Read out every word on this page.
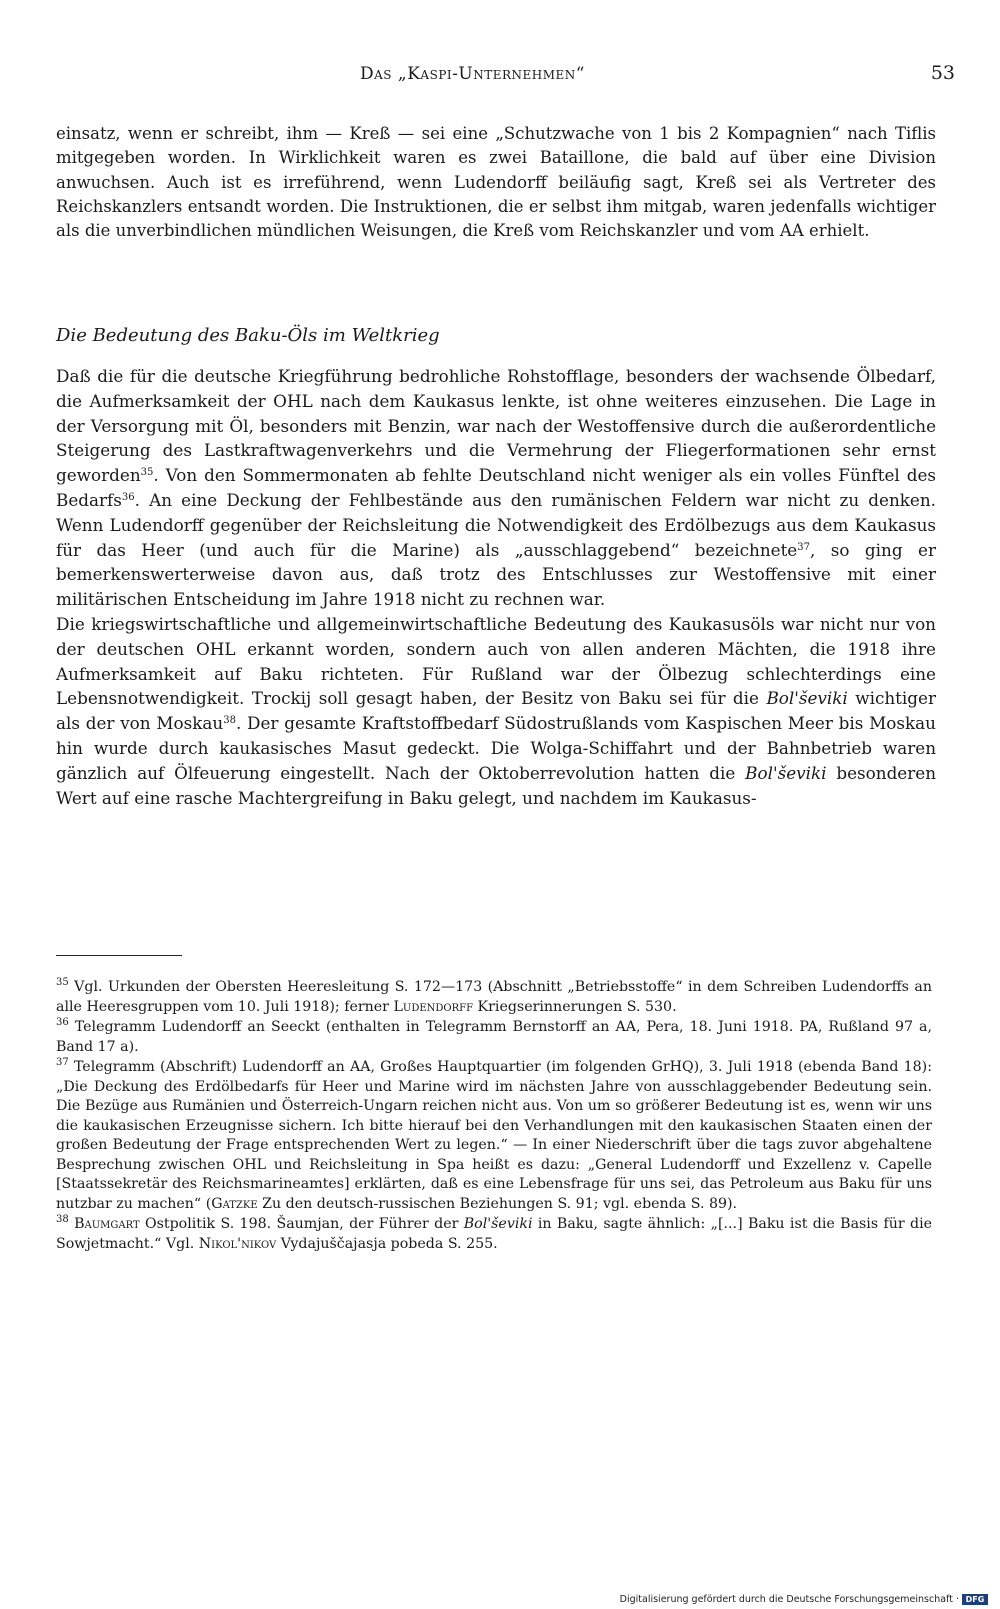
Das „Kaspi-Unternehmen“	53

einsatz, wenn er schreibt, ihm — Kreß — sei eine „Schutzwache von 1 bis 2 Kompagnien“ nach Tiflis mitgegeben worden. In Wirklichkeit waren es zwei Bataillone, die bald auf über eine Division anwuchsen. Auch ist es irreführend, wenn Ludendorff beiläufig sagt, Kreß sei als Vertreter des Reichskanzlers entsandt worden. Die Instruktionen, die er selbst ihm mitgab, waren jedenfalls wichtiger als die unverbindlichen mündlichen Weisungen, die Kreß vom Reichskanzler und vom AA erhielt.

Die Bedeutung des Baku-Öls im Weltkrieg

Daß die für die deutsche Kriegführung bedrohliche Rohstofflage, besonders der wachsende Ölbedarf, die Aufmerksamkeit der OHL nach dem Kaukasus lenkte, ist ohne weiteres einzusehen. Die Lage in der Versorgung mit Öl, besonders mit Benzin, war nach der Westoffensive durch die außerordentliche Steigerung des Lastkraftwagenverkehrs und die Vermehrung der Fliegerformationen sehr ernst geworden$^{35}$. Von den Sommermonaten ab fehlte Deutschland nicht weniger als ein volles Fünftel des Bedarfs$^{36}$. An eine Deckung der Fehlbestände aus den rumänischen Feldern war nicht zu denken. Wenn Ludendorff gegenüber der Reichsleitung die Notwendigkeit des Erdölbezugs aus dem Kaukasus für das Heer (und auch für die Marine) als „ausschlaggebend“ bezeichnete$^{37}$, so ging er bemerkenswerterweise davon aus, daß trotz des Entschlusses zur Westoffensive mit einer militärischen Entscheidung im Jahre 1918 nicht zu rechnen war.

Die kriegswirtschaftliche und allgemeinwirtschaftliche Bedeutung des Kaukasusöls war nicht nur von der deutschen OHL erkannt worden, sondern auch von allen anderen Mächten, die 1918 ihre Aufmerksamkeit auf Baku richteten. Für Rußland war der Ölbezug schlechterdings eine Lebensnotwendigkeit. Trockij soll gesagt haben, der Besitz von Baku sei für die Bol'ševiki wichtiger als der von Moskau$^{38}$. Der gesamte Kraftstoffbedarf Südostrußlands vom Kaspischen Meer bis Moskau hin wurde durch kaukasisches Masut gedeckt. Die Wolga-Schiffahrt und der Bahnbetrieb waren gänzlich auf Ölfeuerung eingestellt. Nach der Oktoberrevolution hatten die Bol'ševiki besonderen Wert auf eine rasche Machtergreifung in Baku gelegt, und nachdem im Kaukasus-

$^{35}$ Vgl. Urkunden der Obersten Heeresleitung S. 172—173 (Abschnitt „Betriebsstoffe“ in dem Schreiben Ludendorffs an alle Heeresgruppen vom 10. Juli 1918); ferner Ludendorff Kriegserinnerungen S. 530.

$^{36}$ Telegramm Ludendorff an Seeckt (enthalten in Telegramm Bernstorff an AA, Pera, 18. Juni 1918. PA, Rußland 97 a, Band 17 a).

$^{37}$ Telegramm (Abschrift) Ludendorff an AA, Großes Hauptquartier (im folgenden GrHQ), 3. Juli 1918 (ebenda Band 18): „Die Deckung des Erdölbedarfs für Heer und Marine wird im nächsten Jahre von ausschlaggebender Bedeutung sein. Die Bezüge aus Rumänien und Österreich-Ungarn reichen nicht aus. Von um so größerer Bedeutung ist es, wenn wir uns die kaukasischen Erzeugnisse sichern. Ich bitte hierauf bei den Verhandlungen mit den kaukasischen Staaten einen der großen Bedeutung der Frage entsprechenden Wert zu legen.“ — In einer Niederschrift über die tags zuvor abgehaltene Besprechung zwischen OHL und Reichsleitung in Spa heißt es dazu: „General Ludendorff und Exzellenz v. Capelle [Staatssekretär des Reichsmarineamtes] erklärten, daß es eine Lebensfrage für uns sei, das Petroleum aus Baku für uns nutzbar zu machen“ (Gatzke Zu den deutsch-russischen Beziehungen S. 91; vgl. ebenda S. 89).

$^{38}$ Baumgart Ostpolitik S. 198. Šaumjan, der Führer der Bol'ševiki in Baku, sagte ähnlich: „[...] Baku ist die Basis für die Sowjetmacht.“ Vgl. Nikol'nikov Vydajuščajasja pobeda S. 255.

Digitalisierung gefördert durch die Deutsche Forschungsgemeinschaft · DFG
